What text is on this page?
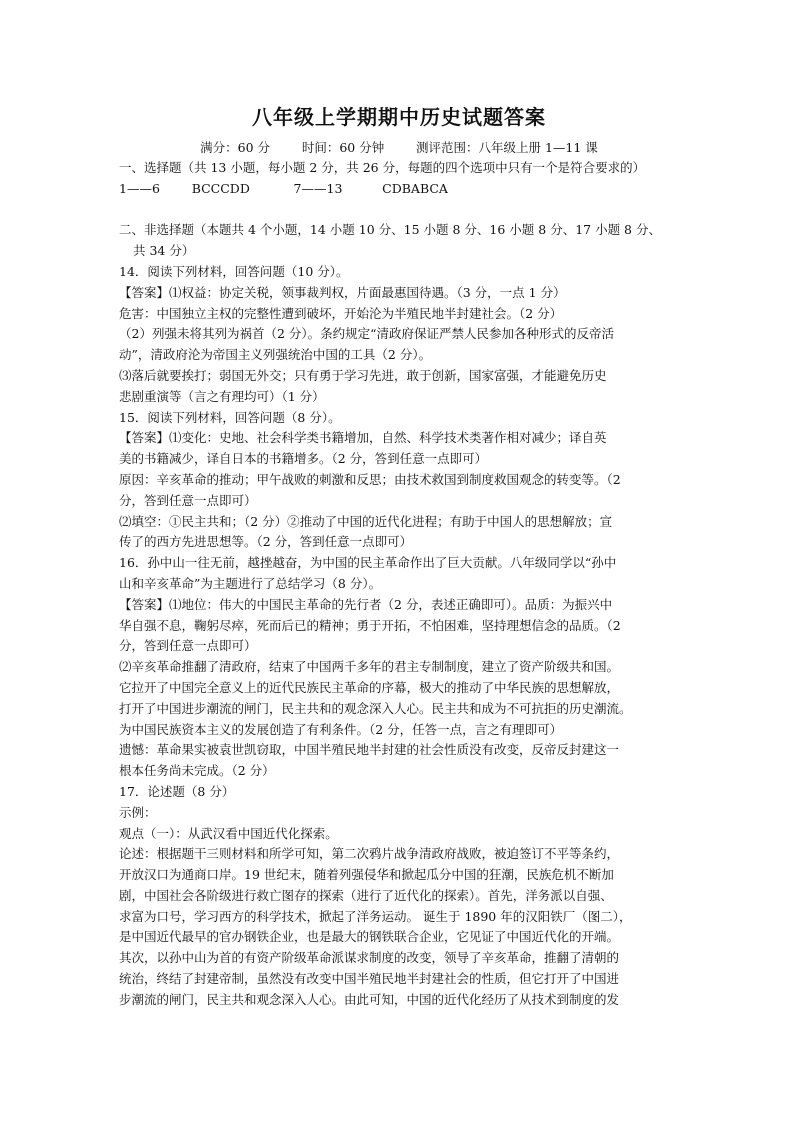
八年级上学期期中历史试题答案
满分：60 分        时间：60 分钟        测评范围：八年级上册 1—11 课
一、选择题（共 13 小题，每小题 2 分，共 26 分，每题的四个选项中只有一个是符合要求的）
1——6        BCCCDD           7——13          CDBABCA
二、非选择题（本题共 4 个小题，14 小题 10 分、15 小题 8 分、16 小题 8 分、17 小题 8 分、
共 34 分）
14．阅读下列材料，回答问题（10 分）。
【答案】⑴权益：协定关税，领事裁判权，片面最惠国待遇。（3 分，一点 1 分）
危害：中国独立主权的完整性遭到破坏，开始沦为半殖民地半封建社会。（2 分）
（2）列强未将其列为祸首（2 分）。条约规定“清政府保证严禁人民参加各种形式的反帝活
动”，清政府沦为帝国主义列强统治中国的工具（2 分）。
⑶落后就要挨打；弱国无外交；只有勇于学习先进，敢于创新，国家富强，才能避免历史
悲剧重演等（言之有理均可）（1 分）
15．阅读下列材料，回答问题（8 分）。
【答案】⑴变化：史地、社会科学类书籍增加，自然、科学技术类著作相对减少；译自英
美的书籍减少，译自日本的书籍增多。（2 分，答到任意一点即可）
原因：辛亥革命的推动；甲午战败的刺激和反思；由技术救国到制度救国观念的转变等。（2
分，答到任意一点即可）
⑵填空：①民主共和；（2 分）②推动了中国的近代化进程；有助于中国人的思想解放；宣
传了的西方先进思想等。（2 分，答到任意一点即可）
16．孙中山一往无前，越挫越奋，为中国的民主革命作出了巨大贡献。八年级同学以“孙中
山和辛亥革命”为主题进行了总结学习（8 分）。
【答案】⑴地位：伟大的中国民主革命的先行者（2 分，表述正确即可）。品质：为振兴中
华自强不息，鞠躬尽瘁，死而后已的精神；勇于开拓，不怕困难，坚持理想信念的品质。（2
分，答到任意一点即可）
⑵辛亥革命推翻了清政府，结束了中国两千多年的君主专制制度，建立了资产阶级共和国。
它拉开了中国完全意义上的近代民族民主革命的序幕，极大的推动了中华民族的思想解放，
打开了中国进步潮流的闸门，民主共和的观念深入人心。民主共和成为不可抗拒的历史潮流。
为中国民族资本主义的发展创造了有利条件。（2 分，任答一点，言之有理即可）
遗憾：革命果实被袁世凯窃取，中国半殖民地半封建的社会性质没有改变，反帝反封建这一
根本任务尚未完成。（2 分）
17．论述题（8 分）
示例：
观点（一）：从武汉看中国近代化探索。
论述：根据题干三则材料和所学可知，第二次鸦片战争清政府战败，被迫签订不平等条约，
开放汉口为通商口岸。19 世纪末，随着列强侵华和掀起瓜分中国的狂潮，民族危机不断加
剧，中国社会各阶级进行救亡图存的探索（进行了近代化的探索）。首先，洋务派以自强、
求富为口号，学习西方的科学技术，掀起了洋务运动。 诞生于 1890 年的汉阳铁厂（图二），
是中国近代最早的官办钢铁企业，也是最大的钢铁联合企业，它见证了中国近代化的开端。
其次，以孙中山为首的有资产阶级革命派谋求制度的改变，领导了辛亥革命，推翻了清朝的
统治，终结了封建帝制，虽然没有改变中国半殖民地半封建社会的性质，但它打开了中国进
步潮流的闸门，民主共和观念深入人心。由此可知，中国的近代化经历了从技术到制度的发
